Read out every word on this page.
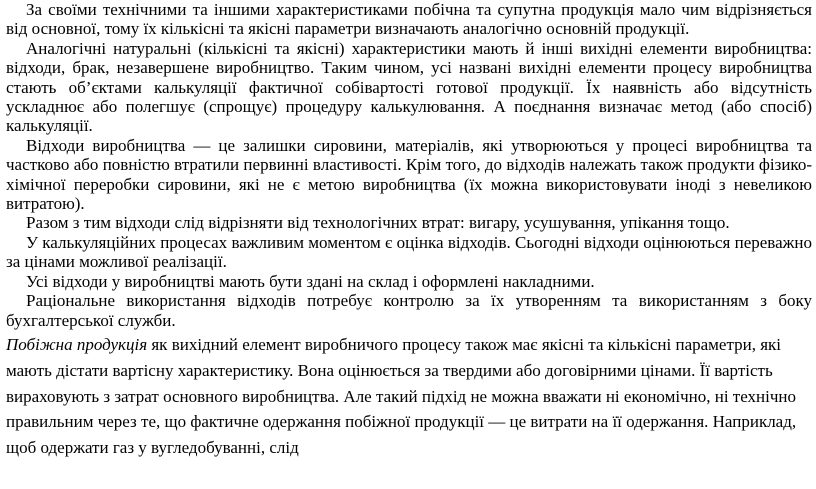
За своїми технічними та іншими характеристиками побічна та супутна продукція мало чим відрізняється від основної, тому їх кількісні та якісні параметри визначають аналогічно основній продукції.

Аналогічні натуральні (кількісні та якісні) характеристики мають й інші вихідні елементи виробництва: відходи, брак, незавершене виробництво. Таким чином, усі названі вихідні елементи процесу виробництва стають об’єктами калькуляції фактичної собівартості готової продукції. Їх наявність або відсутність ускладнює або полегшує (спрощує) процедуру калькулювання. А поєднання визначає метод (або спосіб) калькуляції.

Відходи виробництва — це залишки сировини, матеріалів, які утворюються у процесі виробництва та частково або повністю втратили первинні властивості. Крім того, до відходів належать також продукти фізико-хімічної переробки сировини, які не є метою виробництва (їх можна використовувати іноді з невеликою витратою).

Разом з тим відходи слід відрізняти від технологічних втрат: вигару, усушування, упікання тощо.

У калькуляційних процесах важливим моментом є оцінка відходів. Сьогодні відходи оцінюються переважно за цінами можливої реалізації.

Усі відходи у виробництві мають бути здані на склад і оформлені накладними.

Раціональне використання відходів потребує контролю за їх утворенням та використанням з боку бухгалтерської служби.

Побіжна продукція як вихідний елемент виробничого процесу також має якісні та кількісні параметри, які мають дістати вартісну характеристику. Вона оцінюється за твердими або договірними цінами. Її вартість вираховують з затрат основного виробництва. Але такий підхід не можна вважати ні економічно, ні технічно правильним через те, що фактичне одержання побіжної продукції — це витрати на її одержання. Наприклад, щоб одержати газ у вугледобуванні, слід
